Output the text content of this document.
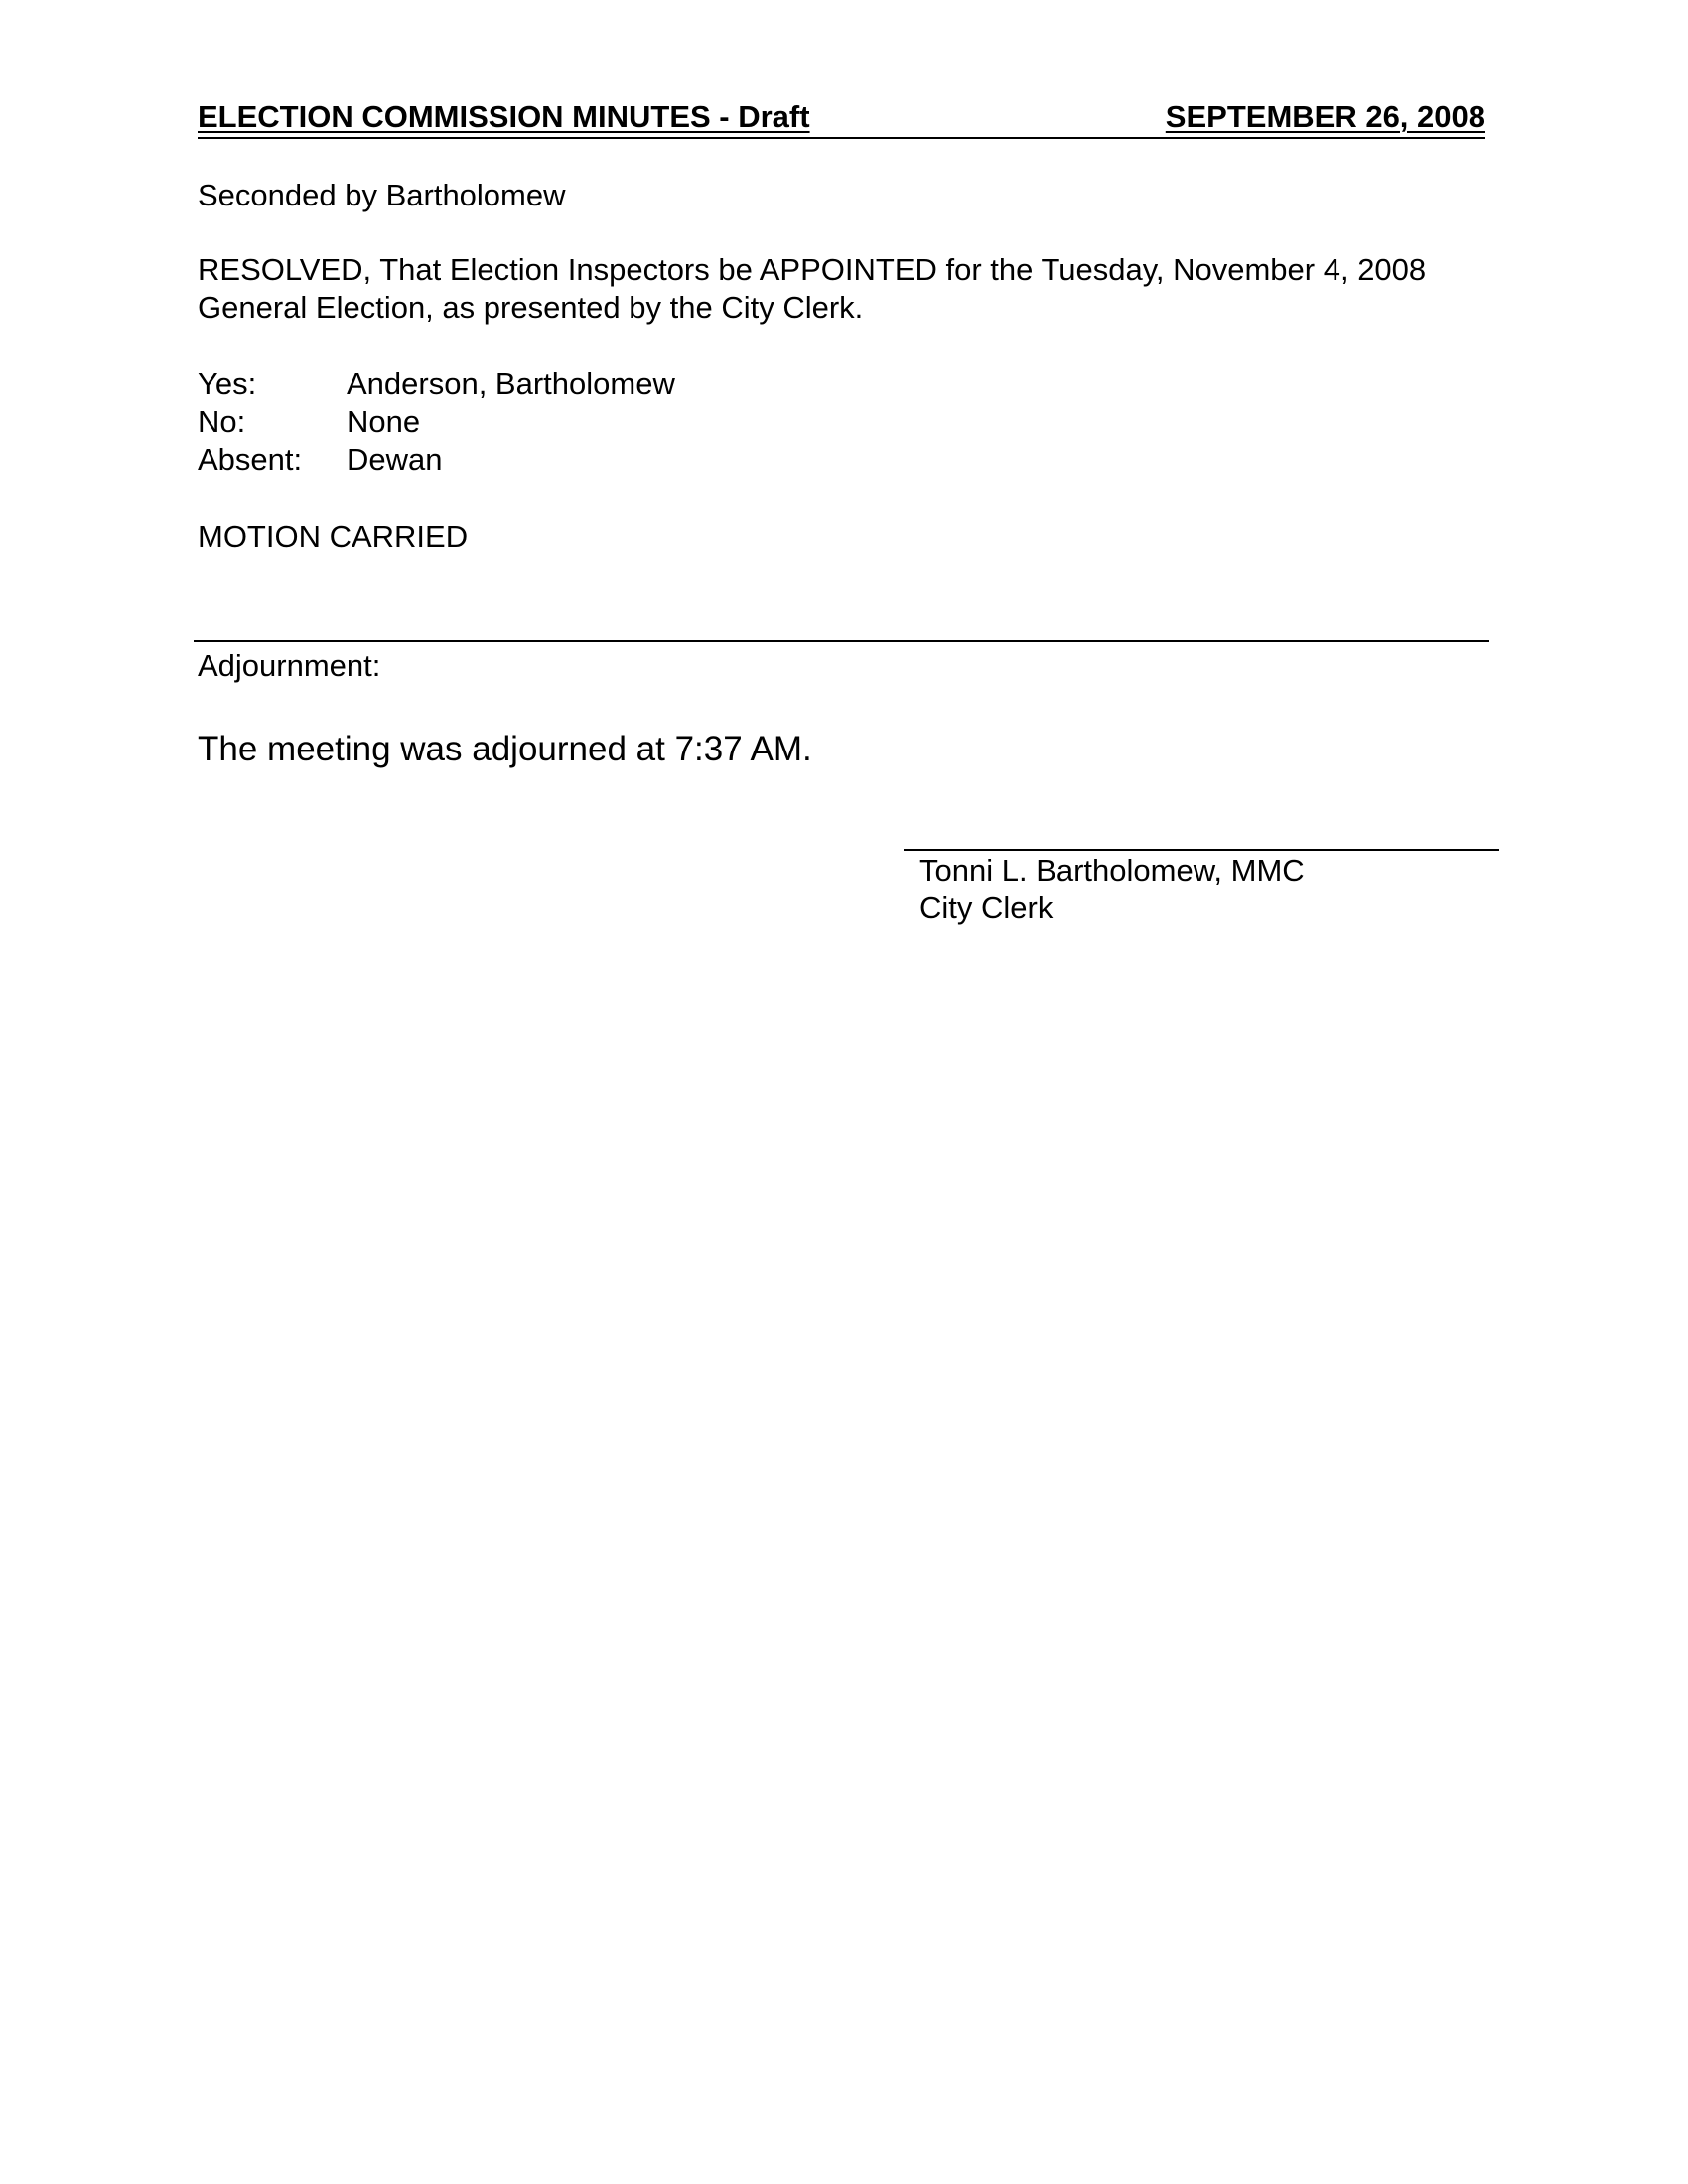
ELECTION COMMISSION MINUTES - Draft	SEPTEMBER 26, 2008
Seconded by Bartholomew
RESOLVED, That Election Inspectors be APPOINTED for the Tuesday, November 4, 2008
General Election, as presented by the City Clerk.
Yes:	Anderson, Bartholomew
No:	None
Absent: Dewan
MOTION CARRIED
Adjournment:
The meeting was adjourned at 7:37 AM.
Tonni L. Bartholomew, MMC
City Clerk
